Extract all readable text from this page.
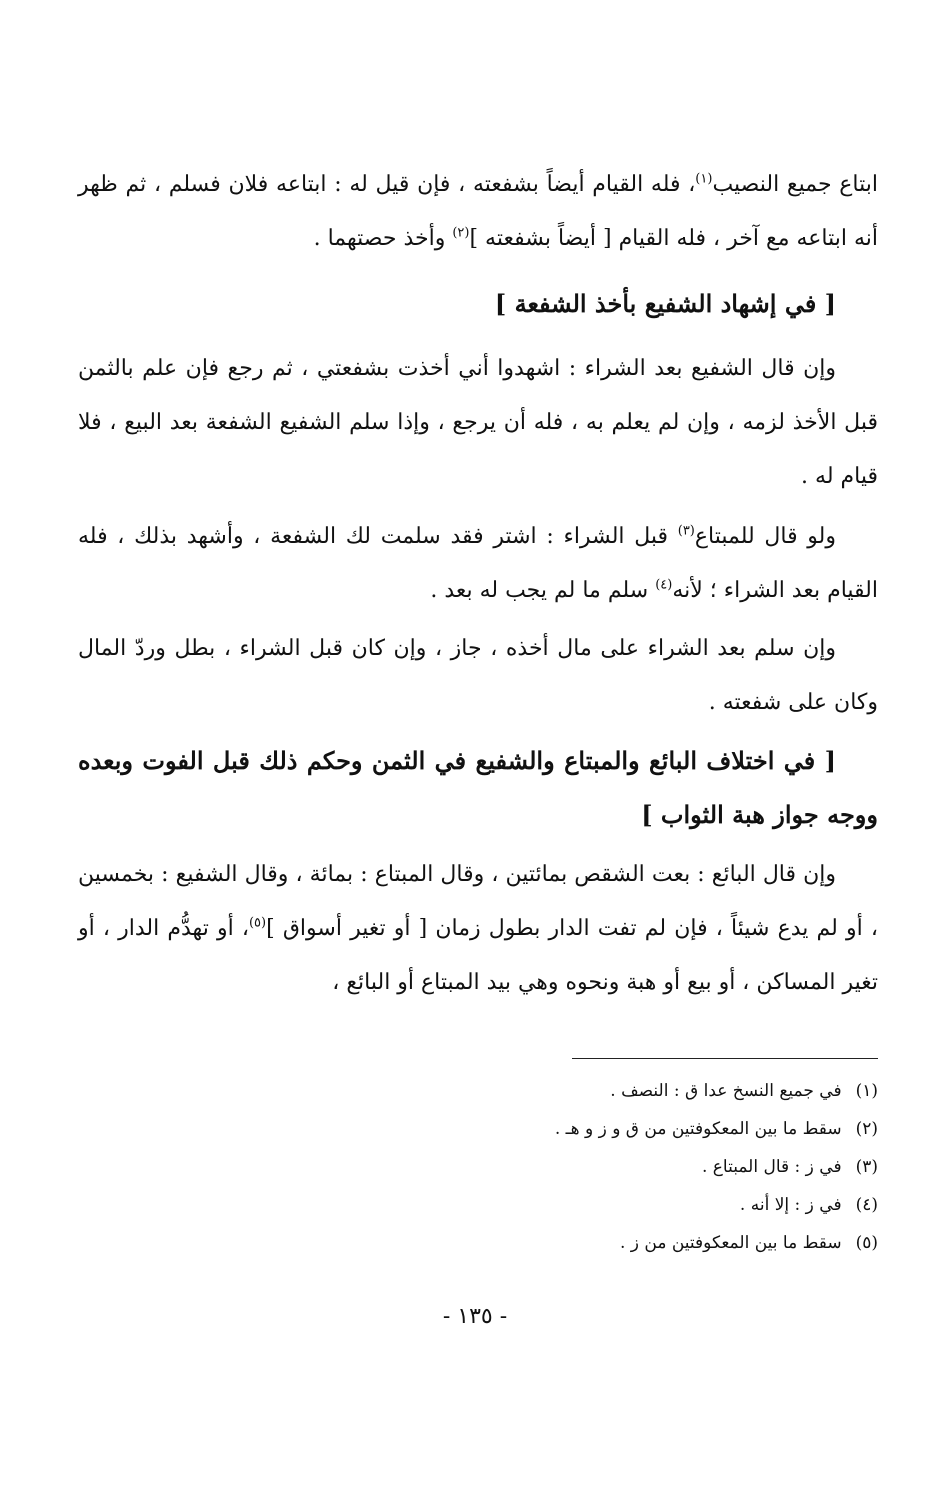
ابتاع جميع النصيب$^{(١)}$، فله القيام أيضاً بشفعته ، فإن قيل له : ابتاعه فلان فسلم ، ثم ظهر أنه ابتاعه مع آخر ، فله القيام [ أيضاً بشفعته ]$^{(٢)}$ وأخذ حصتهما .

[ في إشهاد الشفيع بأخذ الشفعة ]

وإن قال الشفيع بعد الشراء : اشهدوا أني أخذت بشفعتي ، ثم رجع فإن علم بالثمن قبل الأخذ لزمه ، وإن لم يعلم به ، فله أن يرجع ، وإذا سلم الشفيع الشفعة بعد البيع ، فلا قيام له .

ولو قال للمبتاع$^{(٣)}$ قبل الشراء : اشتر فقد سلمت لك الشفعة ، وأشهد بذلك ، فله القيام بعد الشراء ؛ لأنه$^{(٤)}$ سلم ما لم يجب له بعد .

وإن سلم بعد الشراء على مال أخذه ، جاز ، وإن كان قبل الشراء ، بطل وردّ المال وكان على شفعته .

[ في اختلاف البائع والمبتاع والشفيع في الثمن وحكم ذلك قبل الفوت وبعده ووجه جواز هبة الثواب ]

وإن قال البائع : بعت الشقص بمائتين ، وقال المبتاع : بمائة ، وقال الشفيع : بخمسين ، أو لم يدع شيئاً ، فإن لم تفت الدار بطول زمان [ أو تغير أسواق ]$^{(٥)}$، أو تهدُّم الدار ، أو تغير المساكن ، أو بيع أو هبة ونحوه وهي بيد المبتاع أو البائع ،

(١)في جميع النسخ عدا ق : النصف .
(٢)سقط ما بين المعكوفتين من ق و ز و هـ .
(٣)في ز : قال المبتاع .
(٤)في ز : إلا أنه .
(٥)سقط ما بين المعكوفتين من ز .
- ١٣٥ -
